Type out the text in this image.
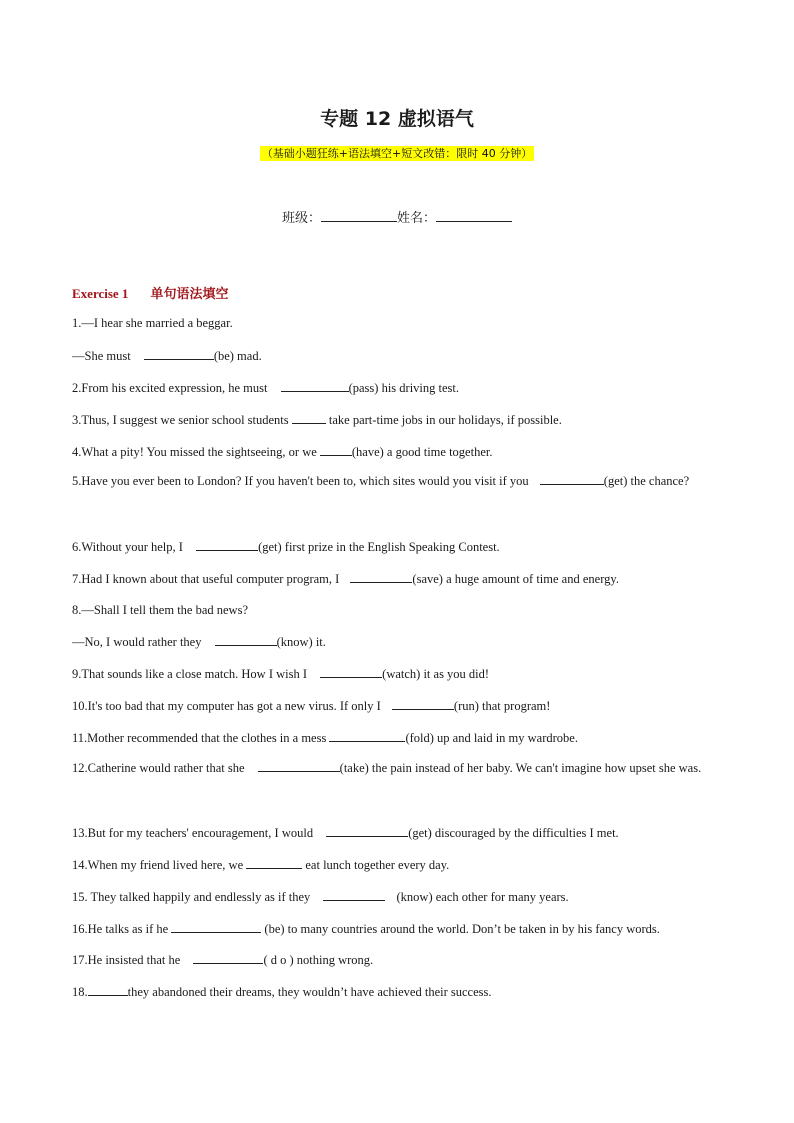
专题 12 虚拟语气
（基础小题狂练+语法填空+短文改错：限时 40 分钟）
班级：	姓名：
Exercise 1 单句语法填空
1.—I hear she married a beggar.
—She must	(be) mad.
2.From his excited expression, he must	(pass) his driving test.
3.Thus, I suggest we senior school students	take part-time jobs in our holidays, if possible.
4.What a pity! You missed the sightseeing, or we	(have) a good time together.
5.Have you ever been to London? If you haven't been to, which sites would you visit if you	(get) the chance?
6.Without your help, I	(get) first prize in the English Speaking Contest.
7.Had I known about that useful computer program, I	(save) a huge amount of time and energy.
8.—Shall I tell them the bad news?
—No, I would rather they	(know) it.
9.That sounds like a close match. How I wish I	(watch) it as you did!
10.It's too bad that my computer has got a new virus. If only I	(run) that program!
11.Mother recommended that the clothes in a mess	(fold) up and laid in my wardrobe.
12.Catherine would rather that she	(take) the pain instead of her baby. We can't imagine how upset she was.
13.But for my teachers' encouragement, I would	(get) discouraged by the difficulties I met.
14.When my friend lived here, we	eat lunch together every day.
15. They talked happily and endlessly as if they	(know) each other for many years.
16.He talks as if he	(be) to many countries around the world. Don’t be taken in by his fancy words.
17.He insisted that he	( d o ) nothing wrong.
18.	they abandoned their dreams, they wouldn’t have achieved their success.
